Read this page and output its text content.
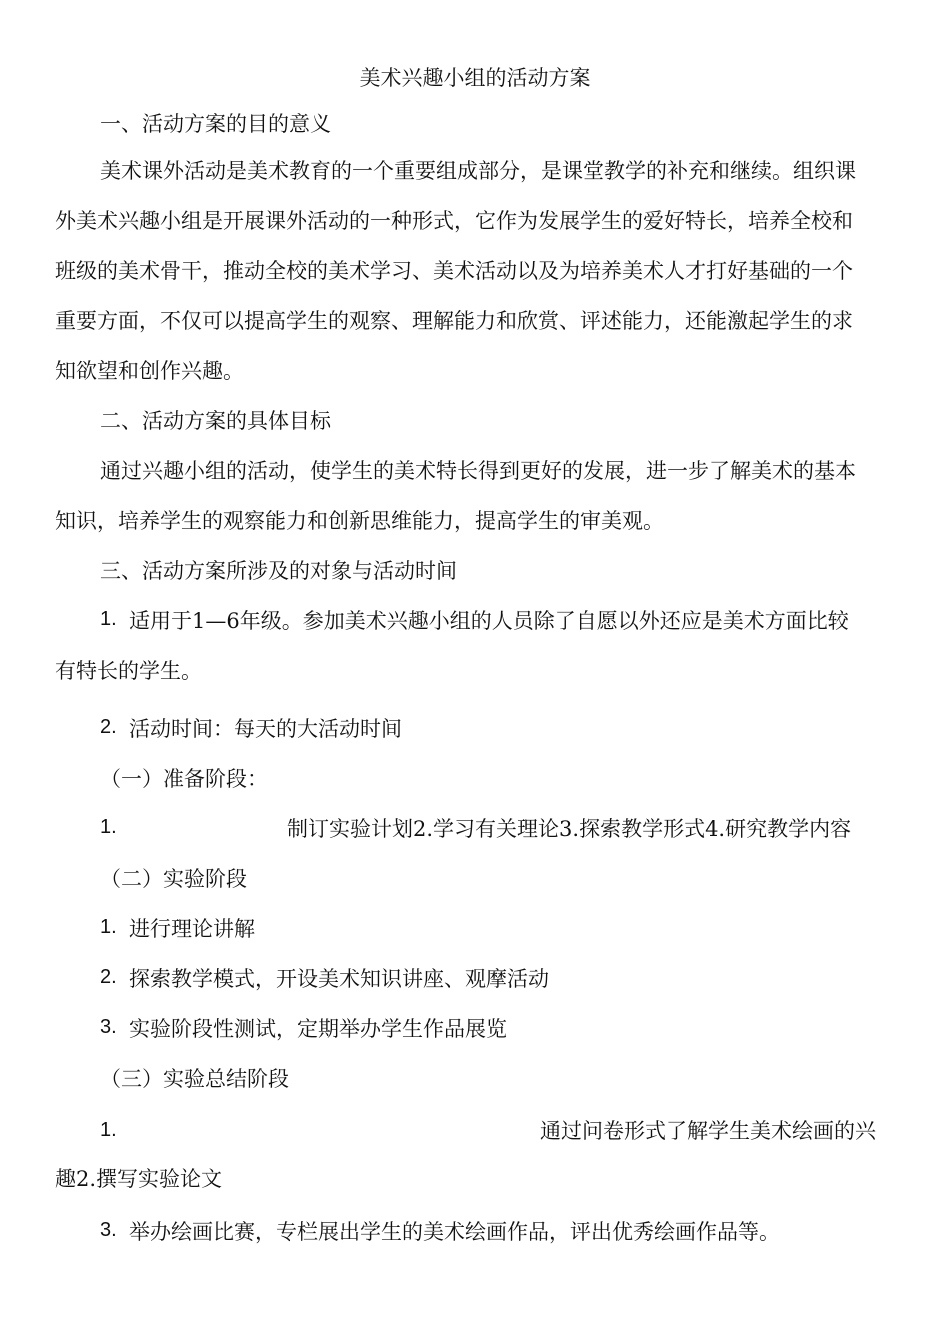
美术兴趣小组的活动方案
一、活动方案的目的意义
美术课外活动是美术教育的一个重要组成部分，是课堂教学的补充和继续。组织课
外美术兴趣小组是开展课外活动的一种形式，它作为发展学生的爱好特长，培养全校和
班级的美术骨干，推动全校的美术学习、美术活动以及为培养美术人才打好基础的一个
重要方面，不仅可以提高学生的观察、理解能力和欣赏、评述能力，还能激起学生的求
知欲望和创作兴趣。
二、活动方案的具体目标
通过兴趣小组的活动，使学生的美术特长得到更好的发展，进一步了解美术的基本
知识，培养学生的观察能力和创新思维能力，提高学生的审美观。
三、活动方案所涉及的对象与活动时间
1. 适用于1—6年级。参加美术兴趣小组的人员除了自愿以外还应是美术方面比较
有特长的学生。
2. 活动时间：每天的大活动时间
（一）准备阶段：
1.	制订实验计划2.学习有关理论3.探索教学形式4.研究教学内容
（二）实验阶段
1. 进行理论讲解
2. 探索教学模式，开设美术知识讲座、观摩活动
3. 实验阶段性测试，定期举办学生作品展览
（三）实验总结阶段
1.	通过问卷形式了解学生美术绘画的兴
趣2.撰写实验论文
3. 举办绘画比赛，专栏展出学生的美术绘画作品，评出优秀绘画作品等。
